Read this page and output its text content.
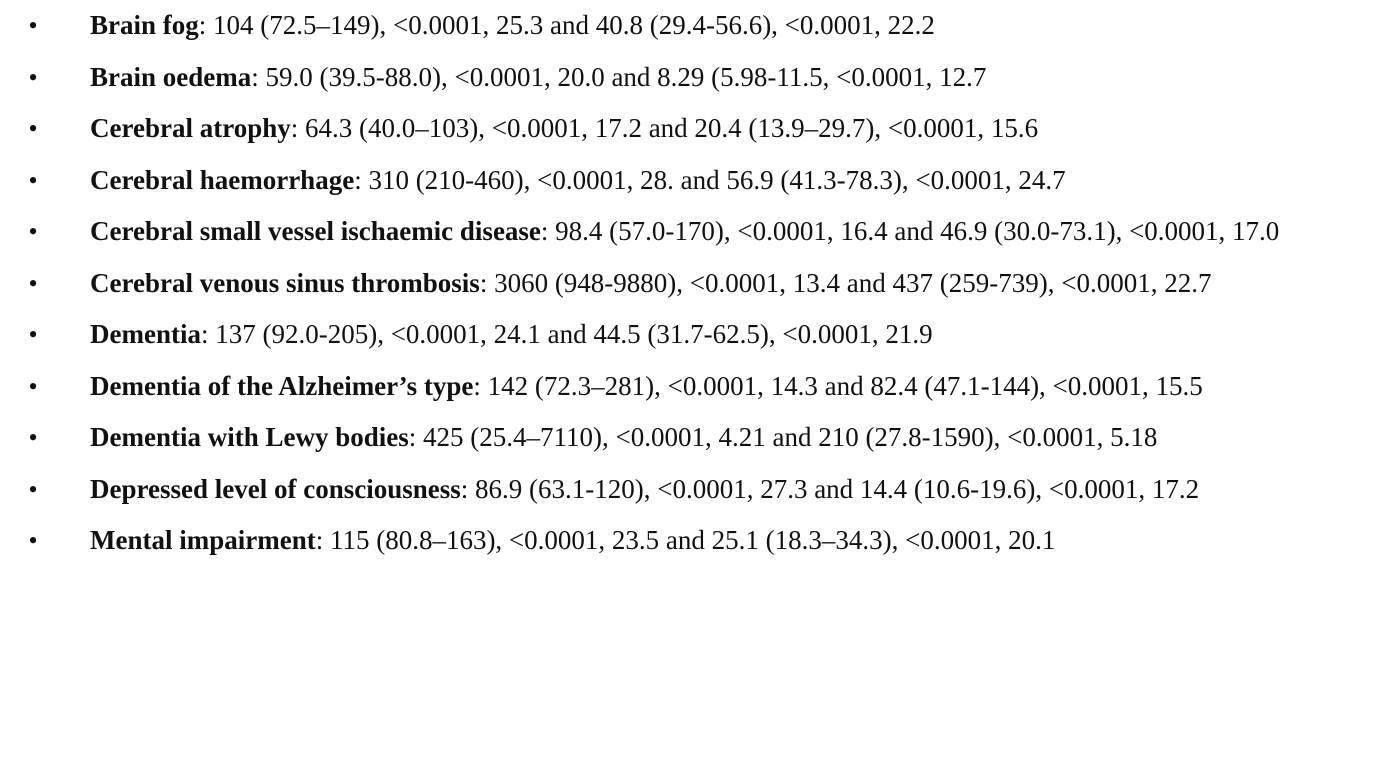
• Brain fog: 104 (72.5–149), <0.0001, 25.3 and 40.8 (29.4-56.6), <0.0001, 22.2
• Brain oedema: 59.0 (39.5-88.0), <0.0001, 20.0 and 8.29 (5.98-11.5, <0.0001, 12.7
• Cerebral atrophy: 64.3 (40.0–103), <0.0001, 17.2 and 20.4 (13.9–29.7), <0.0001, 15.6
• Cerebral haemorrhage: 310 (210-460), <0.0001, 28. and 56.9 (41.3-78.3), <0.0001, 24.7
• Cerebral small vessel ischaemic disease: 98.4 (57.0-170), <0.0001, 16.4 and 46.9 (30.0-73.1), <0.0001, 17.0
• Cerebral venous sinus thrombosis: 3060 (948-9880), <0.0001, 13.4 and 437 (259-739), <0.0001, 22.7
• Dementia: 137 (92.0-205), <0.0001, 24.1 and 44.5 (31.7-62.5), <0.0001, 21.9
• Dementia of the Alzheimer’s type: 142 (72.3–281), <0.0001, 14.3 and 82.4 (47.1-144), <0.0001, 15.5
• Dementia with Lewy bodies: 425 (25.4–7110), <0.0001, 4.21 and 210 (27.8-1590), <0.0001, 5.18
• Depressed level of consciousness: 86.9 (63.1-120), <0.0001, 27.3 and 14.4 (10.6-19.6), <0.0001, 17.2
• Mental impairment: 115 (80.8–163), <0.0001, 23.5 and 25.1 (18.3–34.3), <0.0001, 20.1
